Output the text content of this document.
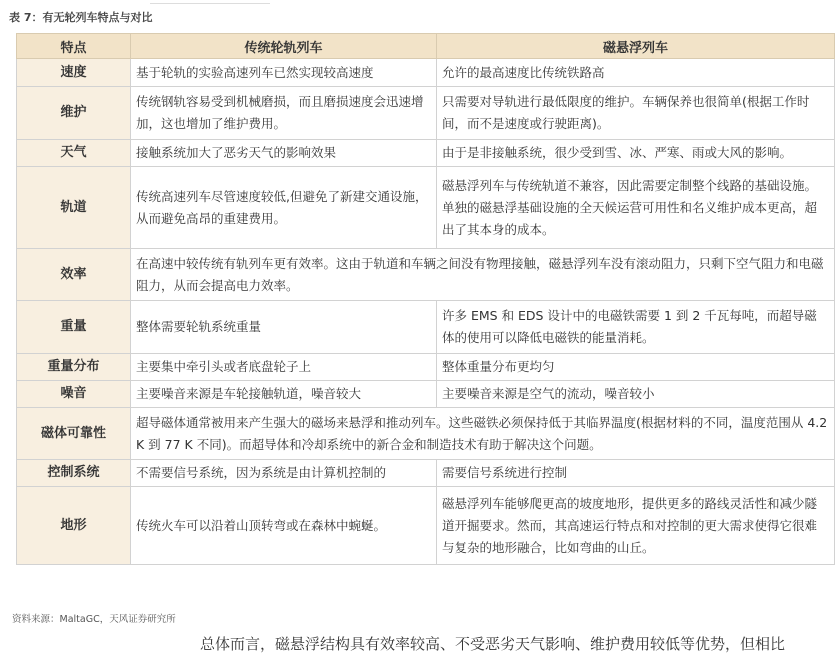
表 7：有无轮列车特点与对比
特点	传统轮轨列车	磁悬浮列车
速度	基于轮轨的实验高速列车已然实现较高速度	允许的最高速度比传统铁路高
维护	传统钢轨容易受到机械磨损，而且磨损速度会迅速增加，这也增加了维护费用。	只需要对导轨进行最低限度的维护。车辆保养也很简单(根据工作时间，而不是速度或行驶距离)。
天气	接触系统加大了恶劣天气的影响效果	由于是非接触系统，很少受到雪、冰、严寒、雨或大风的影响。
轨道	传统高速列车尽管速度较低,但避免了新建交通设施，从而避免高昂的重建费用。	磁悬浮列车与传统轨道不兼容，因此需要定制整个线路的基础设施。单独的磁悬浮基础设施的全天候运营可用性和名义维护成本更高，超出了其本身的成本。
效率	在高速中较传统有轨列车更有效率。这由于轨道和车辆之间没有物理接触，磁悬浮列车没有滚动阻力，只剩下空气阻力和电磁阻力，从而会提高电力效率。	
重量	整体需要轮轨系统重量	许多 EMS 和 EDS 设计中的电磁铁需要 1 到 2 千瓦每吨，而超导磁体的使用可以降低电磁铁的能量消耗。
重量分布	主要集中牵引头或者底盘轮子上	整体重量分布更均匀
噪音	主要噪音来源是车轮接触轨道，噪音较大	主要噪音来源是空气的流动，噪音较小
磁体可靠性	超导磁体通常被用来产生强大的磁场来悬浮和推动列车。这些磁铁必须保持低于其临界温度(根据材料的不同，温度范围从 4.2 K 到 77 K 不同)。而超导体和冷却系统中的新合金和制造技术有助于解决这个问题。	
控制系统	不需要信号系统，因为系统是由计算机控制的	需要信号系统进行控制
地形	传统火车可以沿着山顶转弯或在森林中蜿蜒。	磁悬浮列车能够爬更高的坡度地形，提供更多的路线灵活性和减少隧道开掘要求。然而，其高速运行特点和对控制的更大需求使得它很难与复杂的地形融合，比如弯曲的山丘。
资料来源：MaltaGC，天风证券研究所
总体而言，磁悬浮结构具有效率较高、不受恶劣天气影响、维护费用较低等优势，但相比
